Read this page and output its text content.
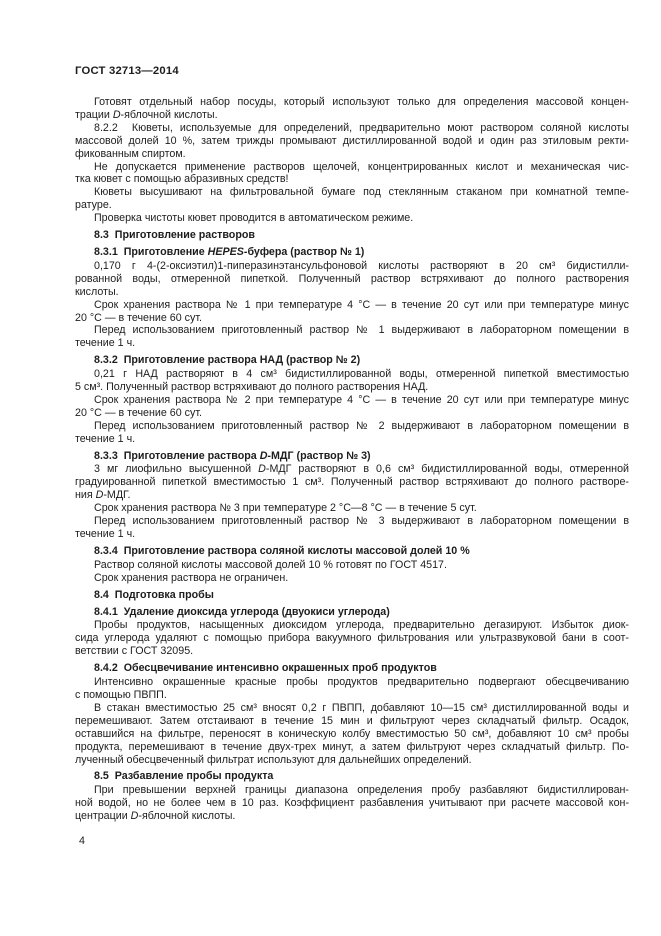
ГОСТ 32713—2014
Готовят отдельный набор посуды, который используют только для определения массовой концен-
трации D-яблочной кислоты.
8.2.2  Кюветы, используемые для определений, предварительно моют раствором соляной кислоты
массовой долей 10 %, затем трижды промывают дистиллированной водой и один раз этиловым ректи-
фикованным спиртом.
Не допускается применение растворов щелочей, концентрированных кислот и механическая чис-
тка кювет с помощью абразивных средств!
Кюветы высушивают на фильтровальной бумаге под стеклянным стаканом при комнатной темпе-
ратуре.
Проверка чистоты кювет проводится в автоматическом режиме.
8.3  Приготовление растворов
8.3.1  Приготовление HEPES-буфера (раствор № 1)
0,170 г 4-(2-оксиэтил)1-пиперазинэтансульфоновой кислоты растворяют в 20 см³ бидистилли-
рованной воды, отмеренной пипеткой. Полученный раствор встряхивают до полного растворения
кислоты.
Срок хранения раствора № 1 при температуре 4 °С — в течение 20 сут или при температуре минус
20 °С — в течение 60 сут.
Перед использованием приготовленный раствор № 1 выдерживают в лабораторном помещении в
течение 1 ч.
8.3.2  Приготовление раствора НАД (раствор № 2)
0,21 г НАД растворяют в 4 см³ бидистиллированной воды, отмеренной пипеткой вместимостью
5 см³. Полученный раствор встряхивают до полного растворения НАД.
Срок хранения раствора № 2 при температуре 4 °С — в течение 20 сут или при температуре минус
20 °С — в течение 60 сут.
Перед использованием приготовленный раствор № 2 выдерживают в лабораторном помещении в
течение 1 ч.
8.3.3  Приготовление раствора D-МДГ (раствор № 3)
3 мг лиофильно высушенной D-МДГ растворяют в 0,6 см³ бидистиллированной воды, отмеренной
градуированной пипеткой вместимостью 1 см³. Полученный раствор встряхивают до полного растворе-
ния D-МДГ.
Срок хранения раствора № 3 при температуре 2 °С—8 °С — в течение 5 сут.
Перед использованием приготовленный раствор № 3 выдерживают в лабораторном помещении в
течение 1 ч.
8.3.4  Приготовление раствора соляной кислоты массовой долей 10 %
Раствор соляной кислоты массовой долей 10 % готовят по ГОСТ 4517.
Срок хранения раствора не ограничен.
8.4  Подготовка пробы
8.4.1  Удаление диоксида углерода (двуокиси углерода)
Пробы продуктов, насыщенных диоксидом углерода, предварительно дегазируют. Избыток диок-
сида углерода удаляют с помощью прибора вакуумного фильтрования или ультразвуковой бани в соот-
ветствии с ГОСТ 32095.
8.4.2  Обесцвечивание интенсивно окрашенных проб продуктов
Интенсивно окрашенные красные пробы продуктов предварительно подвергают обесцвечиванию
с помощью ПВПП.
В стакан вместимостью 25 см³ вносят 0,2 г ПВПП, добавляют 10—15 см³ дистиллированной воды и
перемешивают. Затем отстаивают в течение 15 мин и фильтруют через складчатый фильтр. Осадок,
оставшийся на фильтре, переносят в коническую колбу вместимостью 50 см³, добавляют 10 см³ пробы
продукта, перемешивают в течение двух-трех минут, а затем фильтруют через складчатый фильтр. По-
лученный обесцвеченный фильтрат используют для дальнейших определений.
8.5  Разбавление пробы продукта
При превышении верхней границы диапазона определения пробу разбавляют бидистиллирован-
ной водой, но не более чем в 10 раз. Коэффициент разбавления учитывают при расчете массовой кон-
центрации D-яблочной кислоты.
4
